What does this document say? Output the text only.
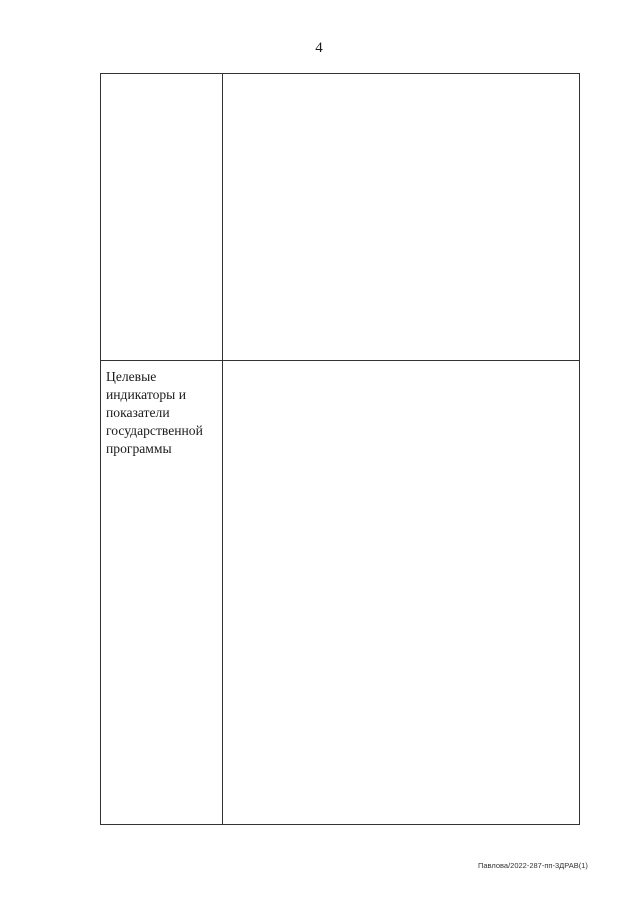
4

Целевые индикаторы и показатели государственной программы
Павлова/2022-287-пп-3ДРАВ(1)
